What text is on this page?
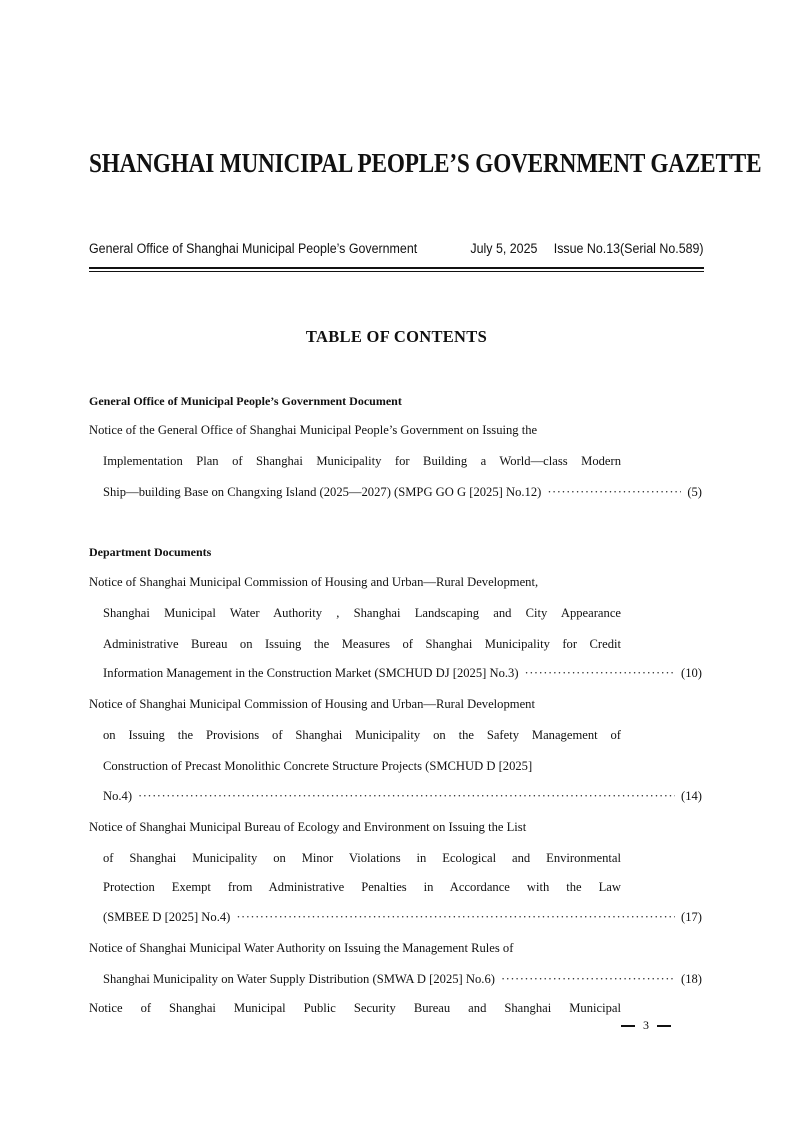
SHANGHAI MUNICIPAL PEOPLE’S GOVERNMENT GAZETTE
General Office of Shanghai Municipal People’s Government	July 5, 2025 Issue No.13(Serial No.589)
TABLE OF CONTENTS
General Office of Municipal People’s Government Document
Notice of the General Office of Shanghai Municipal People’s Government on Issuing the
Implementation Plan of Shanghai Municipality for Building a World—class Modern
Ship—building Base on Changxing Island (2025—2027) (SMPG GO G [2025] No.12) ·····	(5)
Department Documents
Notice of Shanghai Municipal Commission of Housing and Urban—Rural Development,
Shanghai Municipal Water Authority , Shanghai Landscaping and City Appearance
Administrative Bureau on Issuing the Measures of Shanghai Municipality for Credit
Information Management in the Construction Market (SMCHUD DJ [2025] No.3) ·····	(10)
Notice of Shanghai Municipal Commission of Housing and Urban—Rural Development
on Issuing the Provisions of Shanghai Municipality on the Safety Management of
Construction of Precast Monolithic Concrete Structure Projects (SMCHUD D [2025]
No.4) ·····	(14)
Notice of Shanghai Municipal Bureau of Ecology and Environment on Issuing the List
of Shanghai Municipality on Minor Violations in Ecological and Environmental
Protection Exempt from Administrative Penalties in Accordance with the Law
(SMBEE D [2025] No.4) ·····	(17)
Notice of Shanghai Municipal Water Authority on Issuing the Management Rules of
Shanghai Municipality on Water Supply Distribution (SMWA D [2025] No.6) ·····	(18)
Notice of Shanghai Municipal Public Security Bureau and Shanghai Municipal
3
